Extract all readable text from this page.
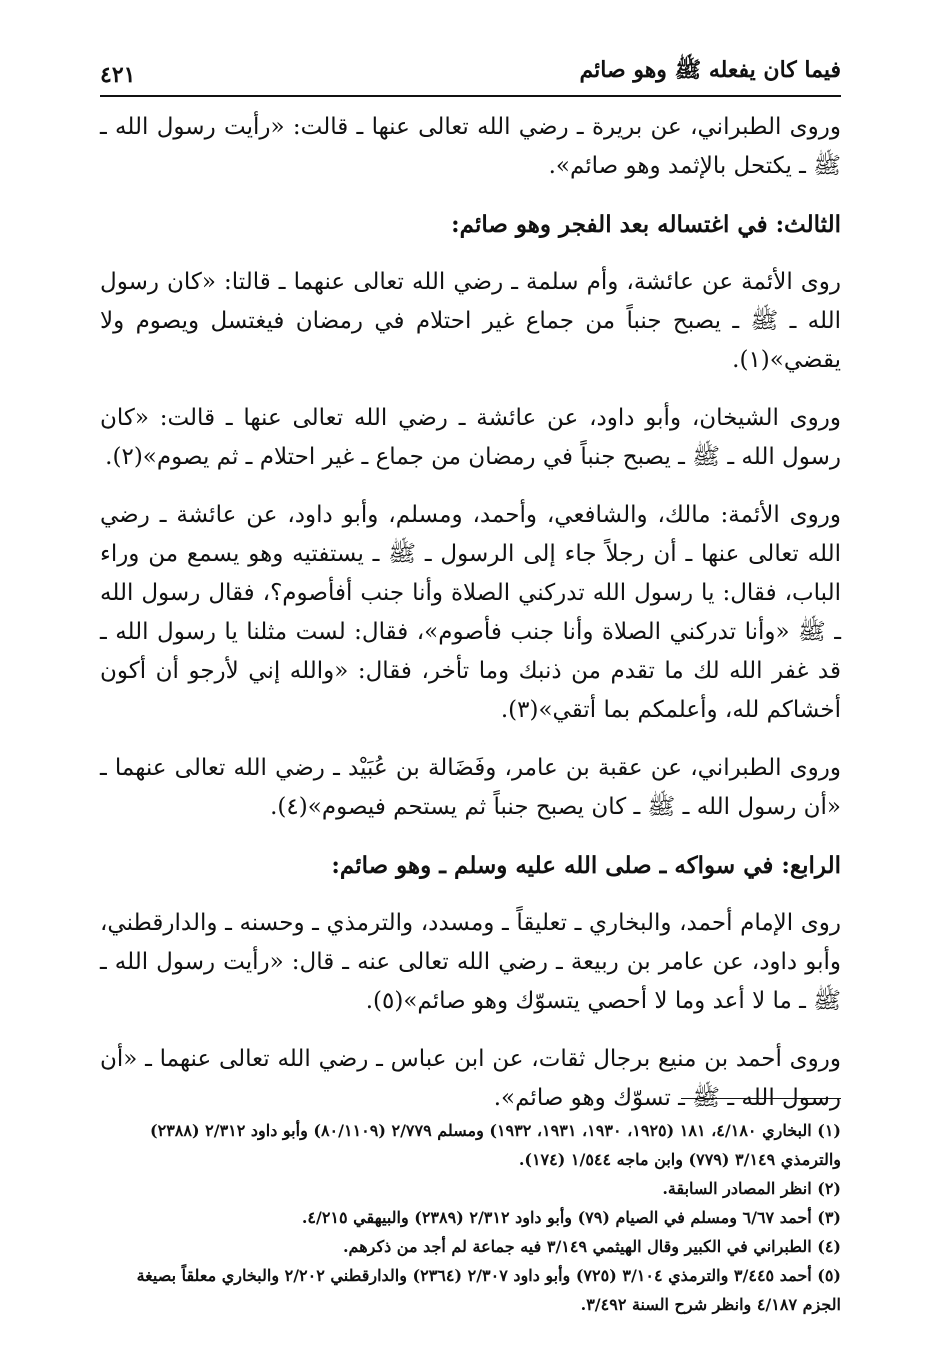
فيما كان يفعله ﷺ وهو صائم
٤٢١

وروى الطبراني، عن بريرة ـ رضي الله تعالى عنها ـ قالت: «رأيت رسول الله ـ ﷺ ـ يكتحل بالإثمد وهو صائم».

الثالث: في اغتساله بعد الفجر وهو صائم:

روى الأئمة عن عائشة، وأم سلمة ـ رضي الله تعالى عنهما ـ قالتا: «كان رسول الله ـ ﷺ ـ يصبح جنباً من جماع غير احتلام في رمضان فيغتسل ويصوم ولا يقضي»(١).

وروى الشيخان، وأبو داود، عن عائشة ـ رضي الله تعالى عنها ـ قالت: «كان رسول الله ـ ﷺ ـ يصبح جنباً في رمضان من جماع ـ غير احتلام ـ ثم يصوم»(٢).

وروى الأئمة: مالك، والشافعي، وأحمد، ومسلم، وأبو داود، عن عائشة ـ رضي الله تعالى عنها ـ أن رجلاً جاء إلى الرسول ـ ﷺ ـ يستفتيه وهو يسمع من وراء الباب، فقال: يا رسول الله تدركني الصلاة وأنا جنب أفأصوم؟، فقال رسول الله ـ ﷺ «وأنا تدركني الصلاة وأنا جنب فأصوم»، فقال: لست مثلنا يا رسول الله ـ قد غفر الله لك ما تقدم من ذنبك وما تأخر، فقال: «والله إني لأرجو أن أكون أخشاكم لله، وأعلمكم بما أتقي»(٣).

وروى الطبراني، عن عقبة بن عامر، وفَضَالة بن عُبَيْد ـ رضي الله تعالى عنهما ـ «أن رسول الله ـ ﷺ ـ كان يصبح جنباً ثم يستحم فيصوم»(٤).

الرابع: في سواكه ـ صلى الله عليه وسلم ـ وهو صائم:

روى الإمام أحمد، والبخاري ـ تعليقاً ـ ومسدد، والترمذي ـ وحسنه ـ والدارقطني، وأبو داود، عن عامر بن ربيعة ـ رضي الله تعالى عنه ـ قال: «رأيت رسول الله ـ ﷺ ـ ما لا أعد وما لا أحصي يتسوّك وهو صائم»(٥).

وروى أحمد بن منيع برجال ثقات، عن ابن عباس ـ رضي الله تعالى عنهما ـ «أن رسول الله ـ ﷺ ـ تسوّك وهو صائم».

(١) البخاري ٤/١٨٠، ١٨١ (١٩٢٥، ١٩٣٠، ١٩٣١، ١٩٣٢) ومسلم ٢/٧٧٩ (٨٠/١١٠٩) وأبو داود ٢/٣١٢ (٢٣٨٨) والترمذي ٣/١٤٩ (٧٧٩) وابن ماجه ١/٥٤٤ (١٧٤).
(٢) انظر المصادر السابقة.
(٣) أحمد ٦/٦٧ ومسلم في الصيام (٧٩) وأبو داود ٢/٣١٢ (٢٣٨٩) والبيهقي ٤/٢١٥.
(٤) الطبراني في الكبير وقال الهيثمي ٣/١٤٩ فيه جماعة لم أجد من ذكرهم.
(٥) أحمد ٣/٤٤٥ والترمذي ٣/١٠٤ (٧٢٥) وأبو داود ٢/٣٠٧ (٢٣٦٤) والدارقطني ٢/٢٠٢ والبخاري معلقاً بصيغة الجزم ٤/١٨٧ وانظر شرح السنة ٣/٤٩٢.
